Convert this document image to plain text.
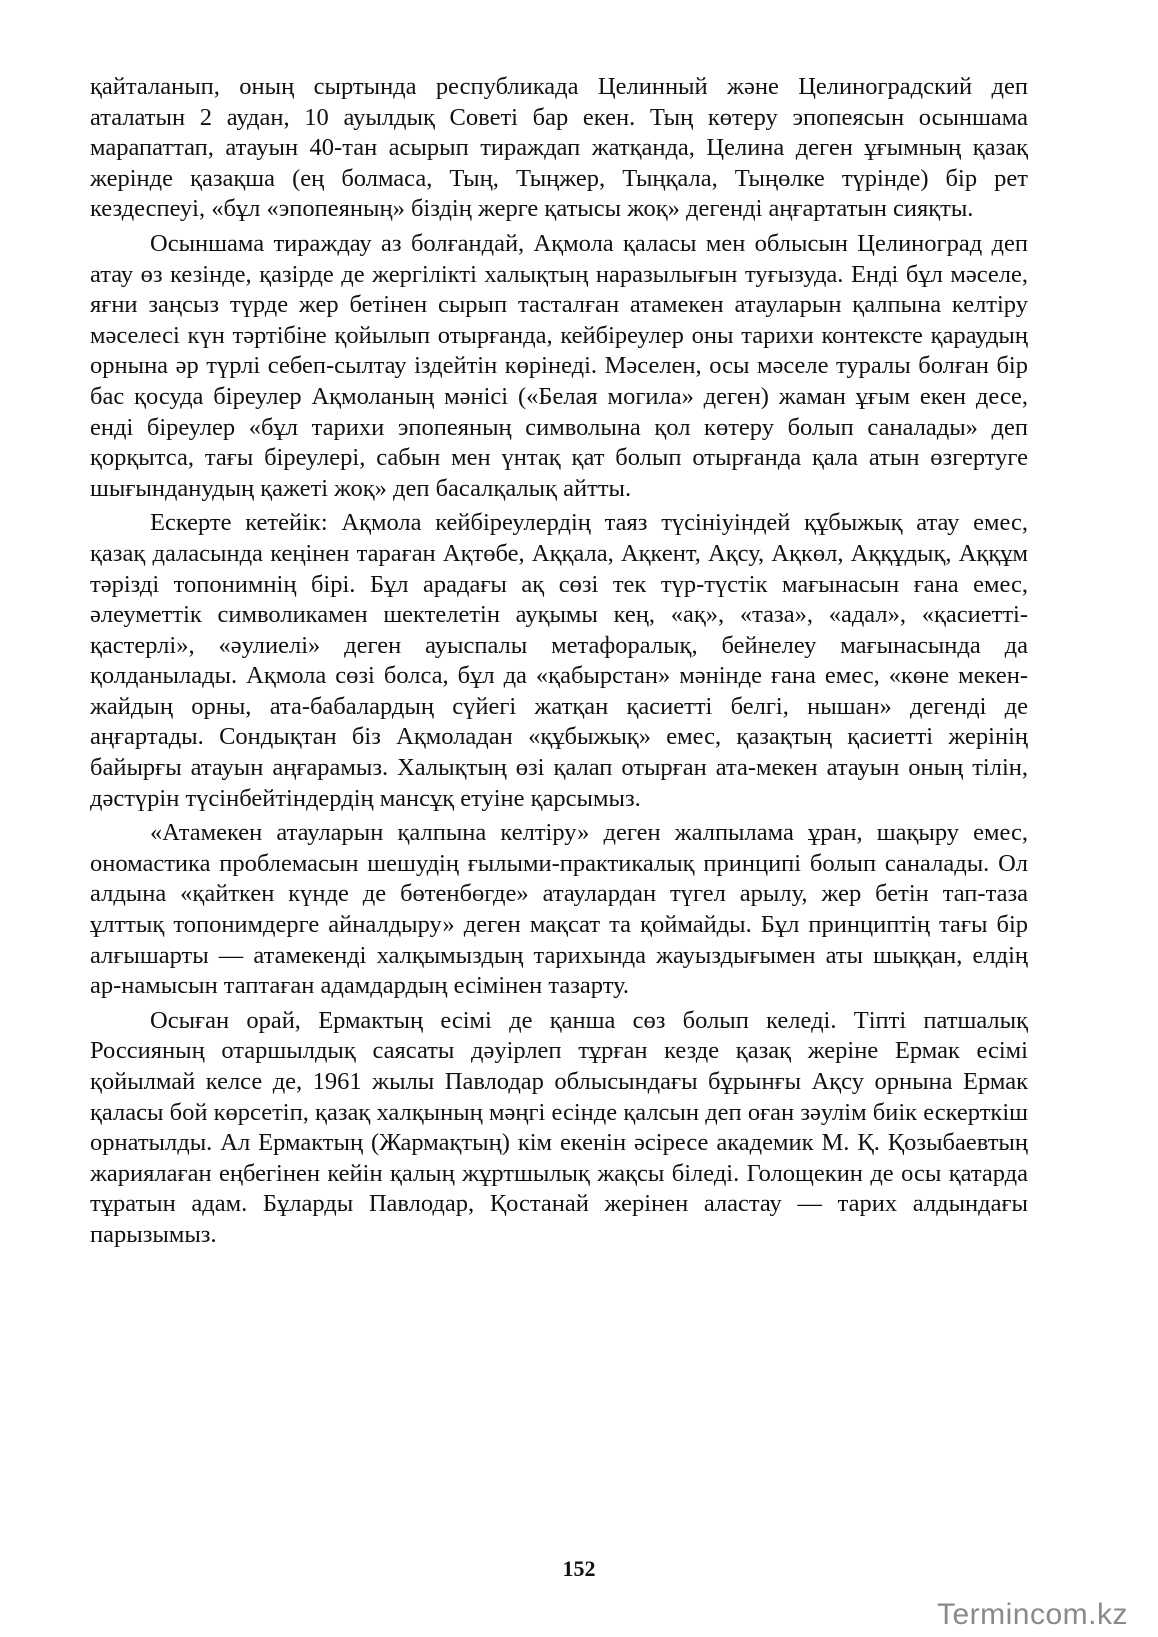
қайталанып, оның сыртында республикада Целинный және Целиноградский деп аталатын 2 аудан, 10 ауылдық Советі бар екен. Тың көтеру эпопеясын осыншама марапаттап, атауын 40-тан асырып тираждап жатқанда, Целина деген ұғымның қазақ жерінде қазақша (ең болмаса, Тың, Тыңжер, Тыңқала, Тыңөлке түрінде) бір рет кездеспеуі, «бұл «эпопеяның» біздің жерге қатысы жоқ» дегенді аңғартатын сияқты.

Осыншама тираждау аз болғандай, Ақмола қаласы мен облысын Целиноград деп атау өз кезінде, қазірде де жергілікті халықтың наразылығын туғызуда. Енді бұл мәселе, яғни заңсыз түрде жер бетінен сырып тасталған атамекен атауларын қалпына келтіру мәселесі күн тәртібіне қойылып отырғанда, кейбіреулер оны тарихи контексте қараудың орнына әр түрлі себеп-сылтау іздейтін көрінеді. Мәселен, осы мәселе туралы болған бір бас қосуда біреулер Ақмоланың мәнісі («Белая могила» деген) жаман ұғым екен десе, енді біреулер «бұл тарихи эпопеяның символына қол көтеру болып саналады» деп қорқытса, тағы біреулері, сабын мен үнтақ қат болып отырғанда қала атын өзгертуге шығынданудың қажеті жоқ» деп басалқалық айтты.

Ескерте кетейік: Ақмола кейбіреулердің таяз түсініуіндей құбыжық атау емес, қазақ даласында кеңінен тараған Ақтөбе, Аққала, Ақкент, Ақсу, Ақкөл, Аққұдық, Аққұм тәрізді топонимнің бірі. Бұл арадағы ақ сөзі тек түр-түстік мағынасын ғана емес, әлеуметтік символикамен шектелетін ауқымы кең, «ақ», «таза», «адал», «қасиетті-қастерлі», «әулиелі» деген ауыспалы метафоралық, бейнелеу мағынасында да қолданылады. Ақмола сөзі болса, бұл да «қабырстан» мәнінде ғана емес, «көне мекен-жайдың орны, ата-бабалардың сүйегі жатқан қасиетті белгі, нышан» дегенді де аңғартады. Сондықтан біз Ақмоладан «құбыжық» емес, қазақтың қасиетті жерінің байырғы атауын аңғарамыз. Халықтың өзі қалап отырған ата-мекен атауын оның тілін, дәстүрін түсінбейтіндердің мансұқ етуіне қарсымыз.

«Атамекен атауларын қалпына келтіру» деген жалпылама ұран, шақыру емес, ономастика проблемасын шешудің ғылыми-практикалық принципі болып саналады. Ол алдына «қайткен күнде де бөтенбөгде» атаулардан түгел арылу, жер бетін тап-таза ұлттық топонимдерге айналдыру» деген мақсат та қоймайды. Бұл принциптің тағы бір алғышарты — атамекенді халқымыздың тарихында жауыздығымен аты шыққан, елдің ар-намысын таптаған адамдардың есімінен тазарту.

Осыған орай, Ермактың есімі де қанша сөз болып келеді. Тіпті патшалық Россияның отаршылдық саясаты дәуірлеп тұрған кезде қазақ жеріне Ермак есімі қойылмай келсе де, 1961 жылы Павлодар облысындағы бұрынғы Ақсу орнына Ермак қаласы бой көрсетіп, қазақ халқының мәңгі есінде қалсын деп оған зәулім биік ескерткіш орнатылды. Ал Ермактың (Жармақтың) кім екенін әсіресе академик М. Қ. Қозыбаевтың жариялаған еңбегінен кейін қалың жұртшылық жақсы біледі. Голощекин де осы қатарда тұратын адам. Бұларды Павлодар, Қостанай жерінен аластау — тарих алдындағы парызымыз.

152
Termincom.kz
